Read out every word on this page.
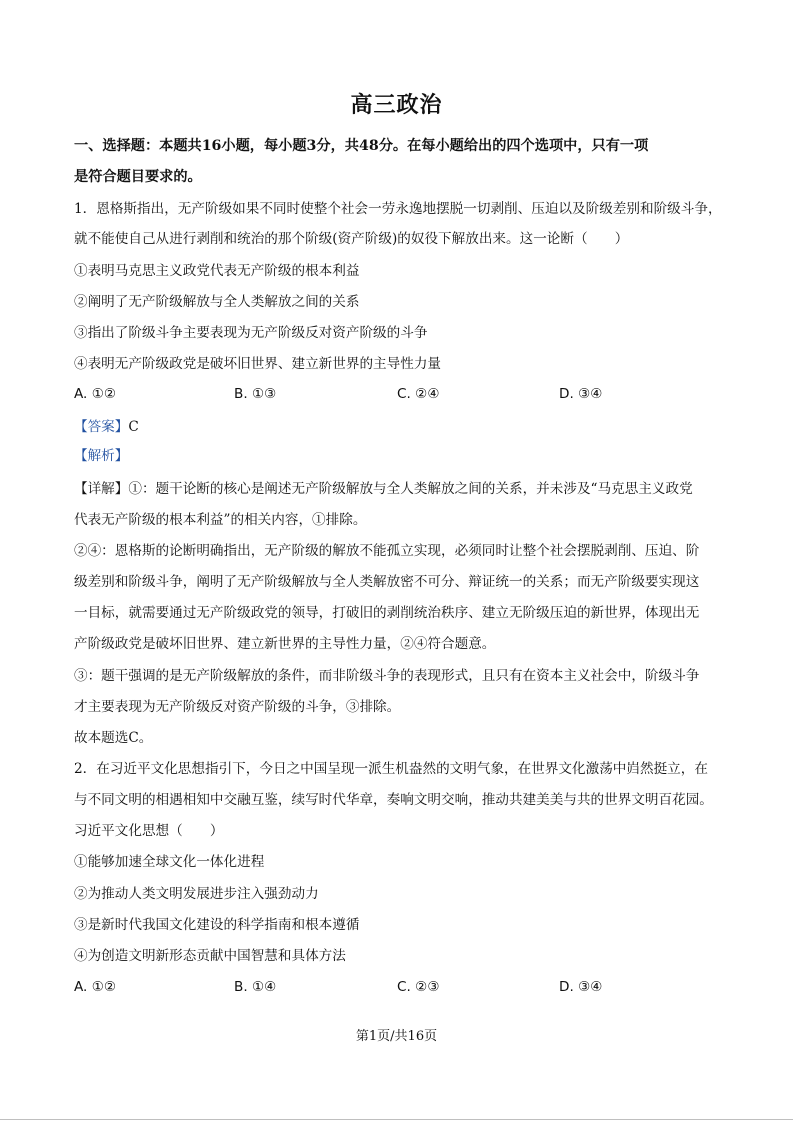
高三政治
一、选择题：本题共16小题，每小题3分，共48分。在每小题给出的四个选项中，只有一项
是符合题目要求的。
1．恩格斯指出，无产阶级如果不同时使整个社会一劳永逸地摆脱一切剥削、压迫以及阶级差别和阶级斗争，
就不能使自己从进行剥削和统治的那个阶级(资产阶级)的奴役下解放出来。这一论断（　　）
①表明马克思主义政党代表无产阶级的根本利益
②阐明了无产阶级解放与全人类解放之间的关系
③指出了阶级斗争主要表现为无产阶级反对资产阶级的斗争
④表明无产阶级政党是破坏旧世界、建立新世界的主导性力量
A. ①②	B. ①③	C. ②④	D. ③④
【答案】C
【解析】
【详解】①：题干论断的核心是阐述无产阶级解放与全人类解放之间的关系，并未涉及“马克思主义政党
代表无产阶级的根本利益”的相关内容，①排除。
②④：恩格斯的论断明确指出，无产阶级的解放不能孤立实现，必须同时让整个社会摆脱剥削、压迫、阶
级差别和阶级斗争，阐明了无产阶级解放与全人类解放密不可分、辩证统一的关系；而无产阶级要实现这
一目标，就需要通过无产阶级政党的领导，打破旧的剥削统治秩序、建立无阶级压迫的新世界，体现出无
产阶级政党是破坏旧世界、建立新世界的主导性力量，②④符合题意。
③：题干强调的是无产阶级解放的条件，而非阶级斗争的表现形式，且只有在资本主义社会中，阶级斗争
才主要表现为无产阶级反对资产阶级的斗争，③排除。
故本题选C。
2．在习近平文化思想指引下，今日之中国呈现一派生机盎然的文明气象，在世界文化激荡中岿然挺立，在
与不同文明的相遇相知中交融互鉴，续写时代华章，奏响文明交响，推动共建美美与共的世界文明百花园。
习近平文化思想（　　）
①能够加速全球文化一体化进程
②为推动人类文明发展进步注入强劲动力
③是新时代我国文化建设的科学指南和根本遵循
④为创造文明新形态贡献中国智慧和具体方法
A. ①②	B. ①④	C. ②③	D. ③④
第1页/共16页
